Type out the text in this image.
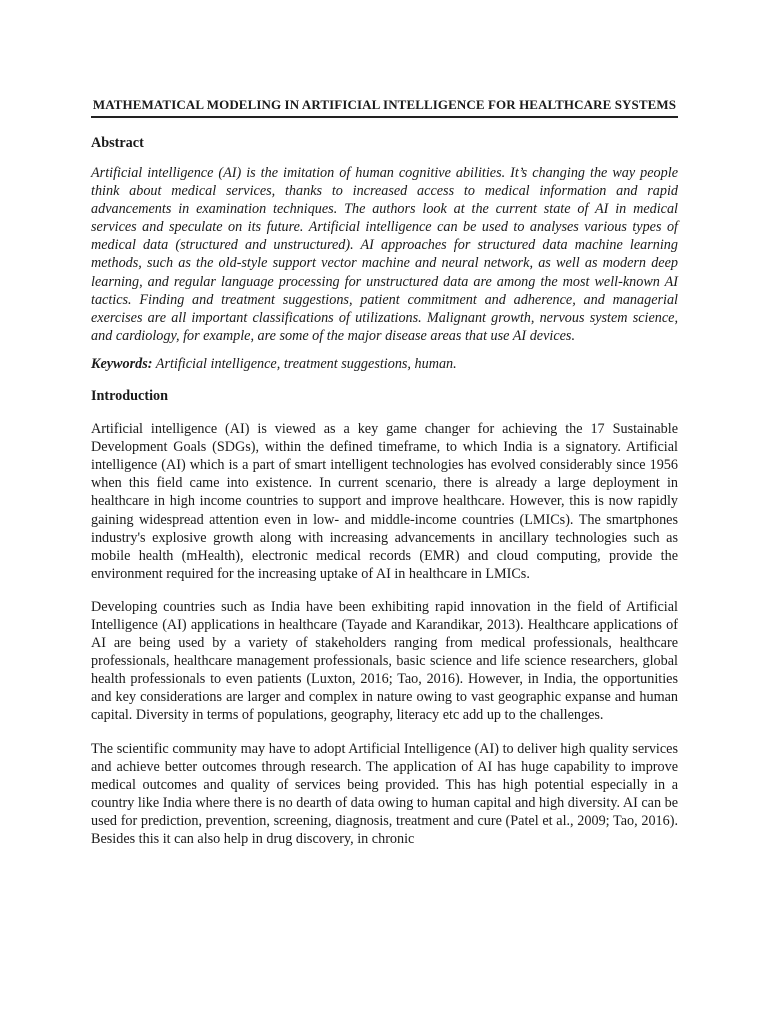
MATHEMATICAL MODELING IN ARTIFICIAL INTELLIGENCE FOR HEALTHCARE SYSTEMS
Abstract

Artificial intelligence (AI) is the imitation of human cognitive abilities. It’s changing the way people think about medical services, thanks to increased access to medical information and rapid advancements in examination techniques. The authors look at the current state of AI in medical services and speculate on its future. Artificial intelligence can be used to analyses various types of medical data (structured and unstructured). AI approaches for structured data machine learning methods, such as the old-style support vector machine and neural network, as well as modern deep learning, and regular language processing for unstructured data are among the most well-known AI tactics. Finding and treatment suggestions, patient commitment and adherence, and managerial exercises are all important classifications of utilizations. Malignant growth, nervous system science, and cardiology, for example, are some of the major disease areas that use AI devices.

Keywords: Artificial intelligence, treatment suggestions, human.

Introduction

Artificial intelligence (AI) is viewed as a key game changer for achieving the 17 Sustainable Development Goals (SDGs), within the defined timeframe, to which India is a signatory. Artificial intelligence (AI) which is a part of smart intelligent technologies has evolved considerably since 1956 when this field came into existence. In current scenario, there is already a large deployment in healthcare in high income countries to support and improve healthcare. However, this is now rapidly gaining widespread attention even in low- and middle-income countries (LMICs). The smartphones industry's explosive growth along with increasing advancements in ancillary technologies such as mobile health (mHealth), electronic medical records (EMR) and cloud computing, provide the environment required for the increasing uptake of AI in healthcare in LMICs.

Developing countries such as India have been exhibiting rapid innovation in the field of Artificial Intelligence (AI) applications in healthcare (Tayade and Karandikar, 2013). Healthcare applications of AI are being used by a variety of stakeholders ranging from medical professionals, healthcare professionals, healthcare management professionals, basic science and life science researchers, global health professionals to even patients (Luxton, 2016; Tao, 2016). However, in India, the opportunities and key considerations are larger and complex in nature owing to vast geographic expanse and human capital. Diversity in terms of populations, geography, literacy etc add up to the challenges.

The scientific community may have to adopt Artificial Intelligence (AI) to deliver high quality services and achieve better outcomes through research. The application of AI has huge capability to improve medical outcomes and quality of services being provided. This has high potential especially in a country like India where there is no dearth of data owing to human capital and high diversity. AI can be used for prediction, prevention, screening, diagnosis, treatment and cure (Patel et al., 2009; Tao, 2016). Besides this it can also help in drug discovery, in chronic
